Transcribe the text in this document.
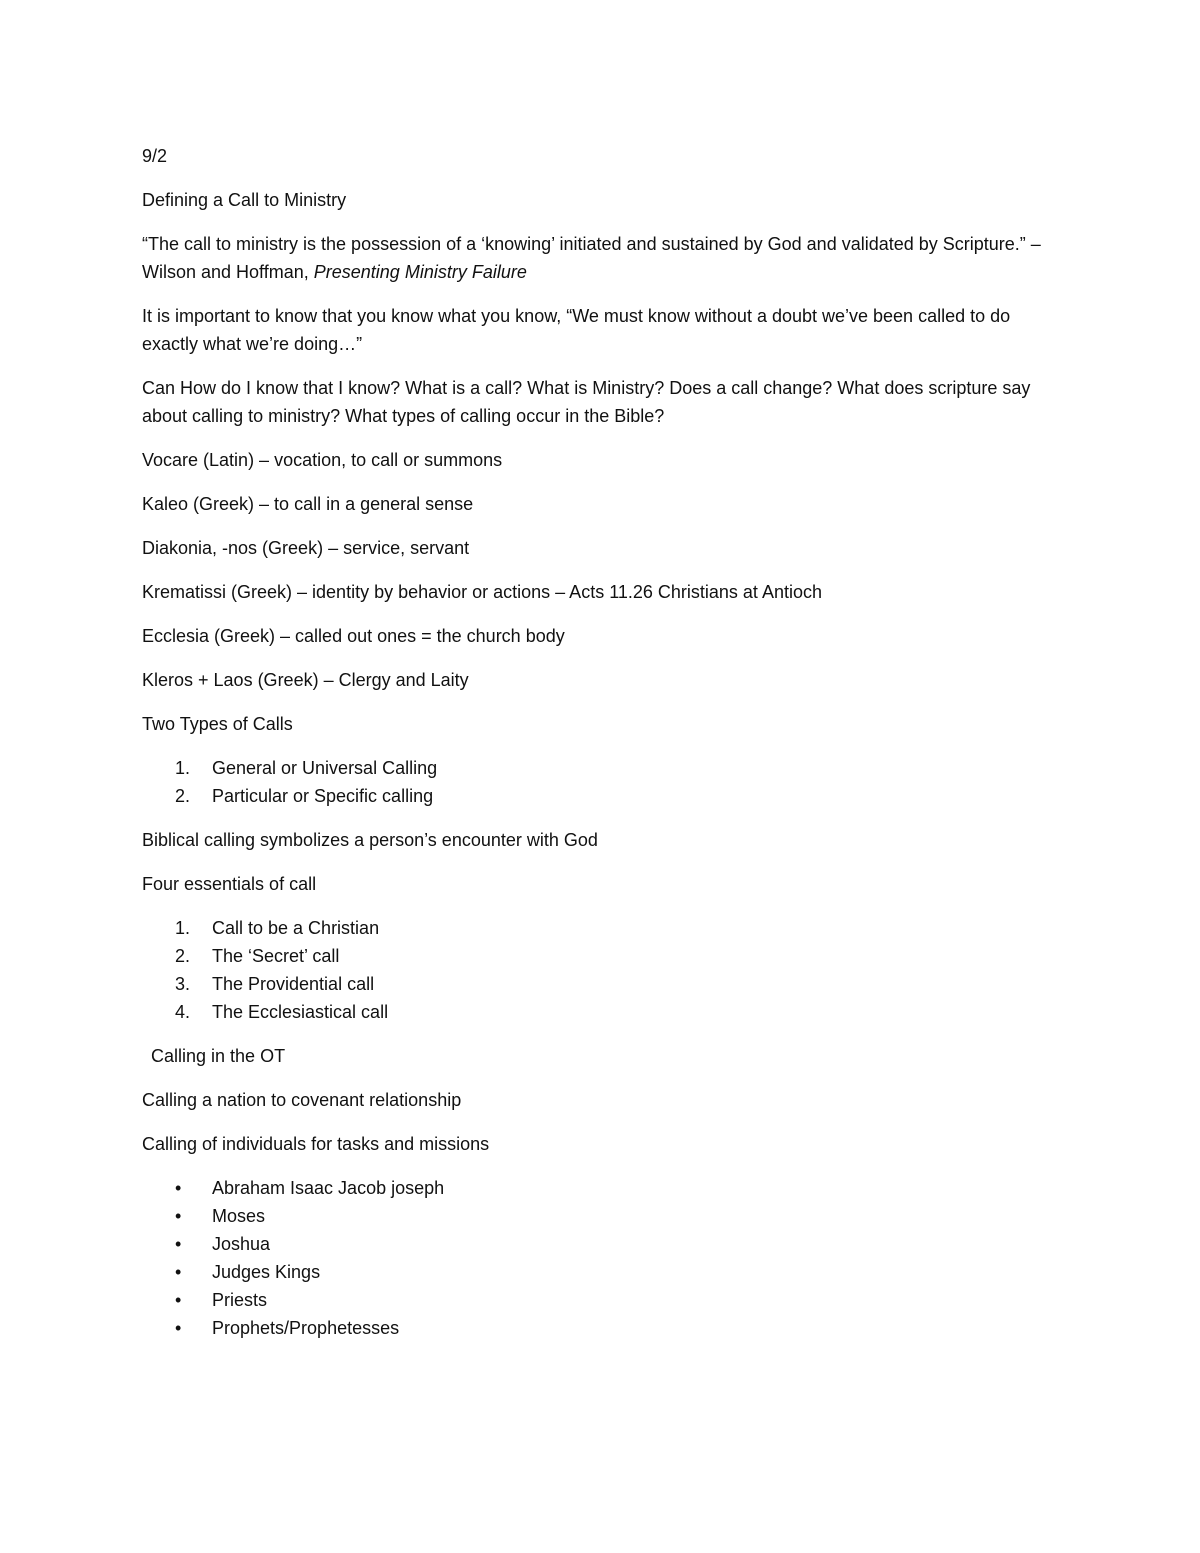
9/2

Defining a Call to Ministry

“The call to ministry is the possession of a ‘knowing’ initiated and sustained by God and validated by Scripture.” – Wilson and Hoffman, Presenting Ministry Failure

It is important to know that you know what you know, “We must know without a doubt we’ve been called to do exactly what we’re doing…”

Can How do I know that I know? What is a call? What is Ministry? Does a call change? What does scripture say about calling to ministry? What types of calling occur in the Bible?

Vocare (Latin) – vocation, to call or summons

Kaleo (Greek) – to call in a general sense

Diakonia, -nos (Greek) – service, servant

Krematissi (Greek) – identity by behavior or actions – Acts 11.26 Christians at Antioch

Ecclesia (Greek) – called out ones = the church body

Kleros + Laos (Greek) – Clergy and Laity

Two Types of Calls

1.	General or Universal Calling
2.	Particular or Specific calling

Biblical calling symbolizes a person’s encounter with God

Four essentials of call

1.	Call to be a Christian
2.	The ‘Secret’ call
3.	The Providential call
4.	The Ecclesiastical call

Calling in the OT

Calling a nation to covenant relationship

Calling of individuals for tasks and missions

•	Abraham Isaac Jacob joseph
•	Moses
•	Joshua
•	Judges Kings
•	Priests
•	Prophets/Prophetesses
